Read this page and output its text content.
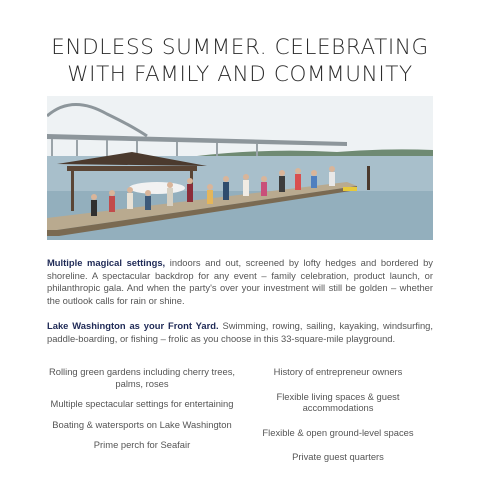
ENDLESS SUMMER. CELEBRATING
WITH FAMILY AND COMMUNITY

Multiple magical settings, indoors and out, screened by lofty hedges and bordered by shoreline. A spectacular backdrop for any event – family celebration, product launch, or philanthropic gala. And when the party's over your investment will still be golden – whether the outlook calls for rain or shine.

Lake Washington as your Front Yard. Swimming, rowing, sailing, kayaking, windsurfing, paddle-boarding, or fishing – frolic as you choose in this 33-square-mile playground.

Rolling green gardens including cherry trees, palms, roses
Multiple spectacular settings for entertaining
Boating & watersports on Lake Washington
Prime perch for Seafair
History of entrepreneur owners
Flexible living spaces & guest accommodations
Flexible & open ground-level spaces
Private guest quarters
